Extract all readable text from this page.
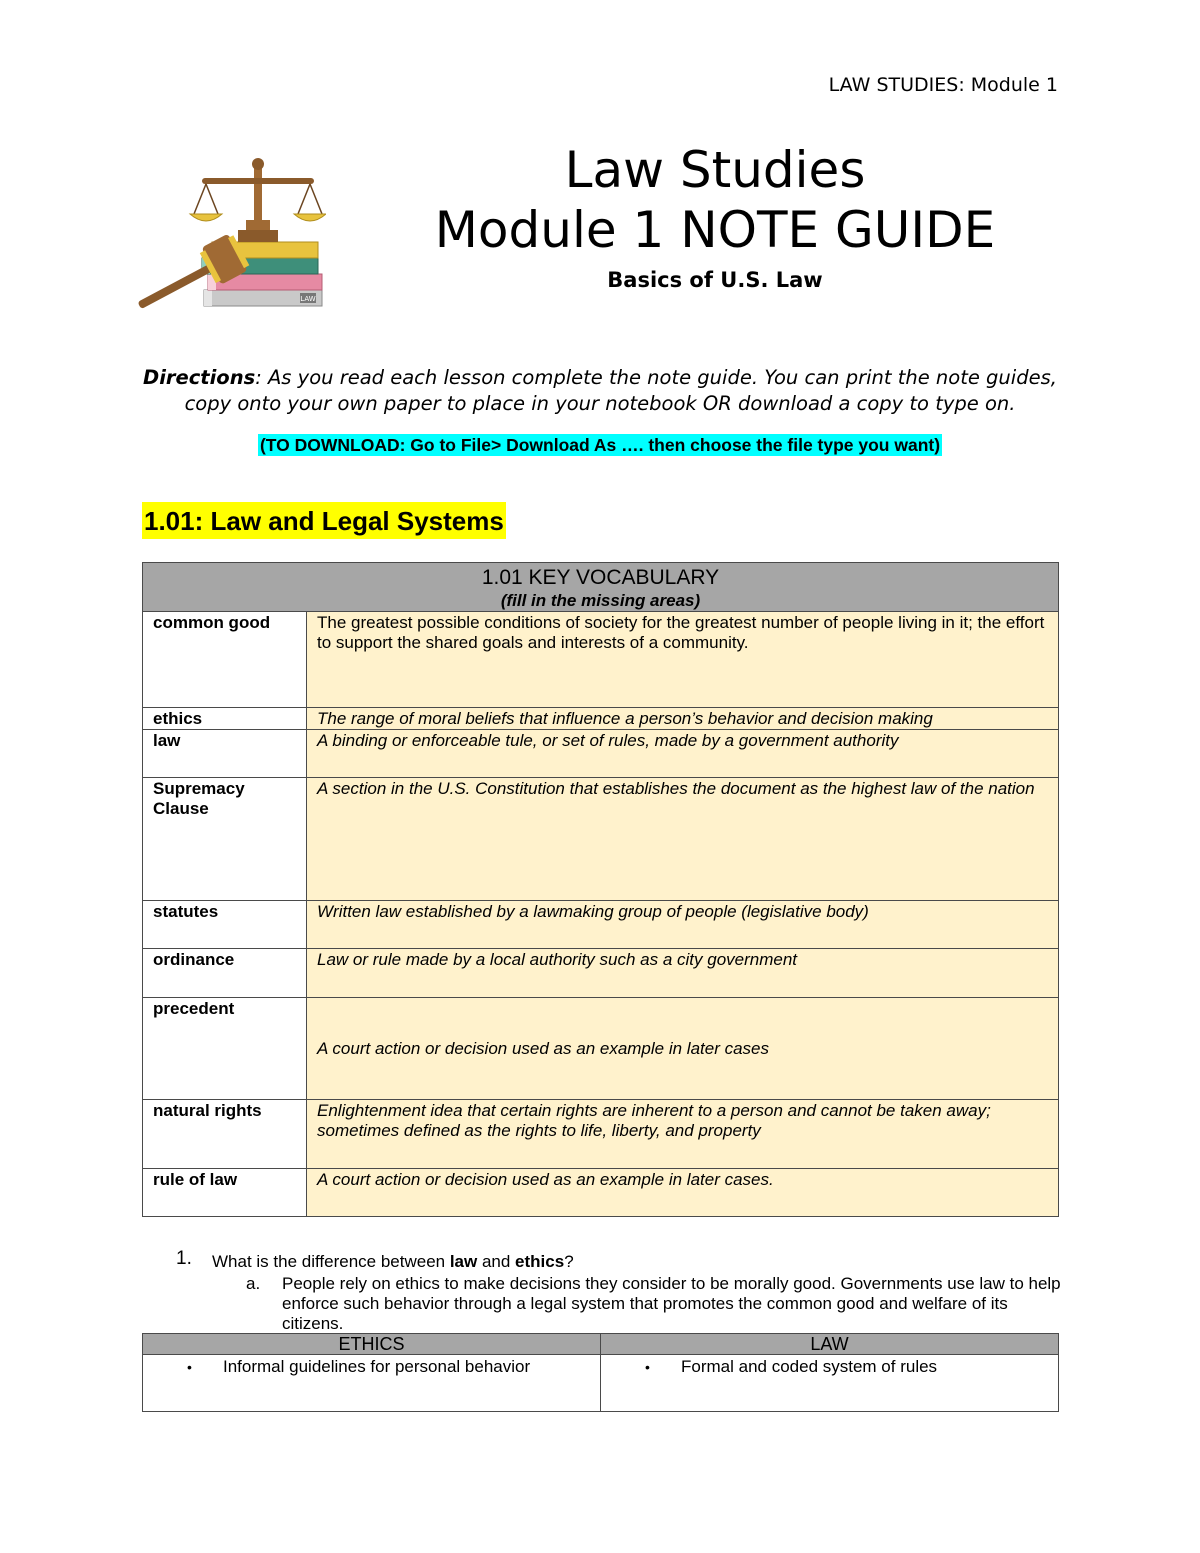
LAW STUDIES: Module 1
LAW
Law Studies
Module 1 NOTE GUIDE
Basics of U.S. Law
Directions: As you read each lesson complete the note guide. You can print the note guides, copy onto your own paper to place in your notebook OR download a copy to type on.
(TO DOWNLOAD: Go to File> Download As …. then choose the file type you want)
1.01: Law and Legal Systems
1.01 KEY VOCABULARY
(fill in the missing areas)	

common good	The greatest possible conditions of society for the greatest number of people living in it; the effort to support the shared goals and interests of a community.
ethics	The range of moral beliefs that influence a person’s behavior and decision making
law	A binding or enforceable tule, or set of rules, made by a government authority
Supremacy Clause	A section in the U.S. Constitution that establishes the document as the highest law of the nation
statutes	Written law established by a lawmaking group of people (legislative body)
ordinance	Law or rule made by a local authority such as a city government
precedent	A court action or decision used as an example in later cases
natural rights	Enlightenment idea that certain rights are inherent to a person and cannot be taken away; sometimes defined as the rights to life, liberty, and property
rule of law	A court action or decision used as an example in later cases.
1. What is the difference between law and ethics?
a. People rely on ethics to make decisions they consider to be morally good. Governments use law to help enforce such behavior through a legal system that promotes the common good and welfare of its citizens.
ETHICS	LAW

• Informal guidelines for personal behavior	• Formal and coded system of rules
